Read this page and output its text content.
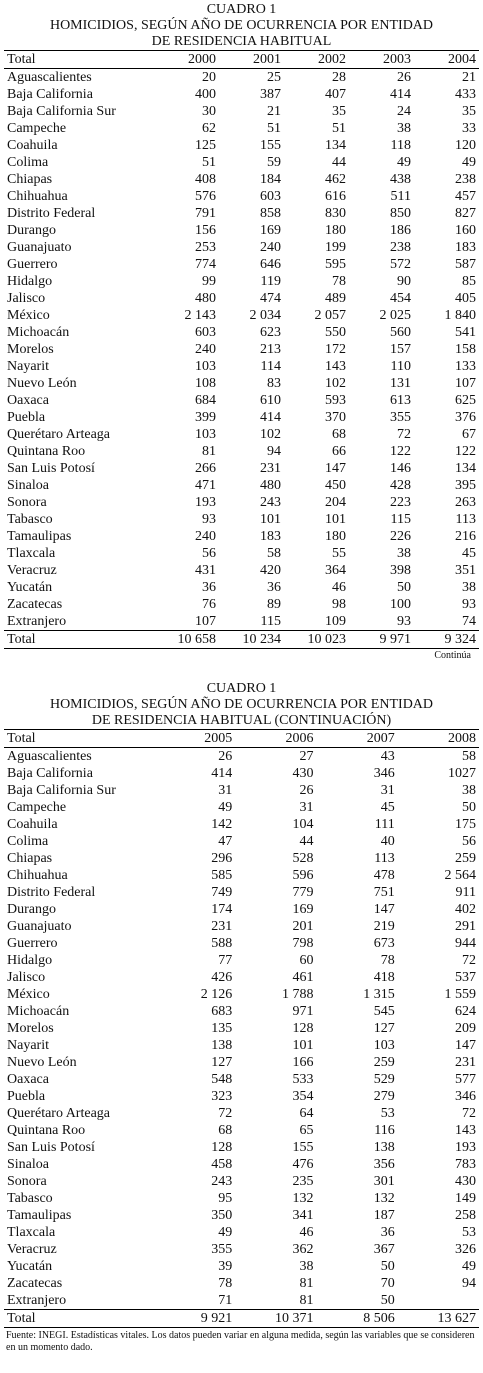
CUADRO 1
HOMICIDIOS, SEGÚN AÑO DE OCURRENCIA POR ENTIDAD
DE RESIDENCIA HABITUAL
Total	2000	2001	2002	2003	2004
Aguascalientes	20	25	28	26	21
Baja California	400	387	407	414	433
Baja California Sur	30	21	35	24	35
Campeche	62	51	51	38	33
Coahuila	125	155	134	118	120
Colima	51	59	44	49	49
Chiapas	408	184	462	438	238
Chihuahua	576	603	616	511	457
Distrito Federal	791	858	830	850	827
Durango	156	169	180	186	160
Guanajuato	253	240	199	238	183
Guerrero	774	646	595	572	587
Hidalgo	99	119	78	90	85
Jalisco	480	474	489	454	405
México	2 143	2 034	2 057	2 025	1 840
Michoacán	603	623	550	560	541
Morelos	240	213	172	157	158
Nayarit	103	114	143	110	133
Nuevo León	108	83	102	131	107
Oaxaca	684	610	593	613	625
Puebla	399	414	370	355	376
Querétaro Arteaga	103	102	68	72	67
Quintana Roo	81	94	66	122	122
San Luis Potosí	266	231	147	146	134
Sinaloa	471	480	450	428	395
Sonora	193	243	204	223	263
Tabasco	93	101	101	115	113
Tamaulipas	240	183	180	226	216
Tlaxcala	56	58	55	38	45
Veracruz	431	420	364	398	351
Yucatán	36	36	46	50	38
Zacatecas	76	89	98	100	93
Extranjero	107	115	109	93	74
Total	10 658	10 234	10 023	9 971	9 324
Continúa
CUADRO 1
HOMICIDIOS, SEGÚN AÑO DE OCURRENCIA POR ENTIDAD
DE RESIDENCIA HABITUAL (CONTINUACIÓN)
Total	2005	2006	2007	2008
Aguascalientes	26	27	43	58
Baja California	414	430	346	1027
Baja California Sur	31	26	31	38
Campeche	49	31	45	50
Coahuila	142	104	111	175
Colima	47	44	40	56
Chiapas	296	528	113	259
Chihuahua	585	596	478	2 564
Distrito Federal	749	779	751	911
Durango	174	169	147	402
Guanajuato	231	201	219	291
Guerrero	588	798	673	944
Hidalgo	77	60	78	72
Jalisco	426	461	418	537
México	2 126	1 788	1 315	1 559
Michoacán	683	971	545	624
Morelos	135	128	127	209
Nayarit	138	101	103	147
Nuevo León	127	166	259	231
Oaxaca	548	533	529	577
Puebla	323	354	279	346
Querétaro Arteaga	72	64	53	72
Quintana Roo	68	65	116	143
San Luis Potosí	128	155	138	193
Sinaloa	458	476	356	783
Sonora	243	235	301	430
Tabasco	95	132	132	149
Tamaulipas	350	341	187	258
Tlaxcala	49	46	36	53
Veracruz	355	362	367	326
Yucatán	39	38	50	49
Zacatecas	78	81	70	94
Extranjero	71	81	50	
Total	9 921	10 371	8 506	13 627
Fuente: INEGI. Estadísticas vitales. Los datos pueden variar en alguna medida, según las variables que se consideren en un momento dado.
